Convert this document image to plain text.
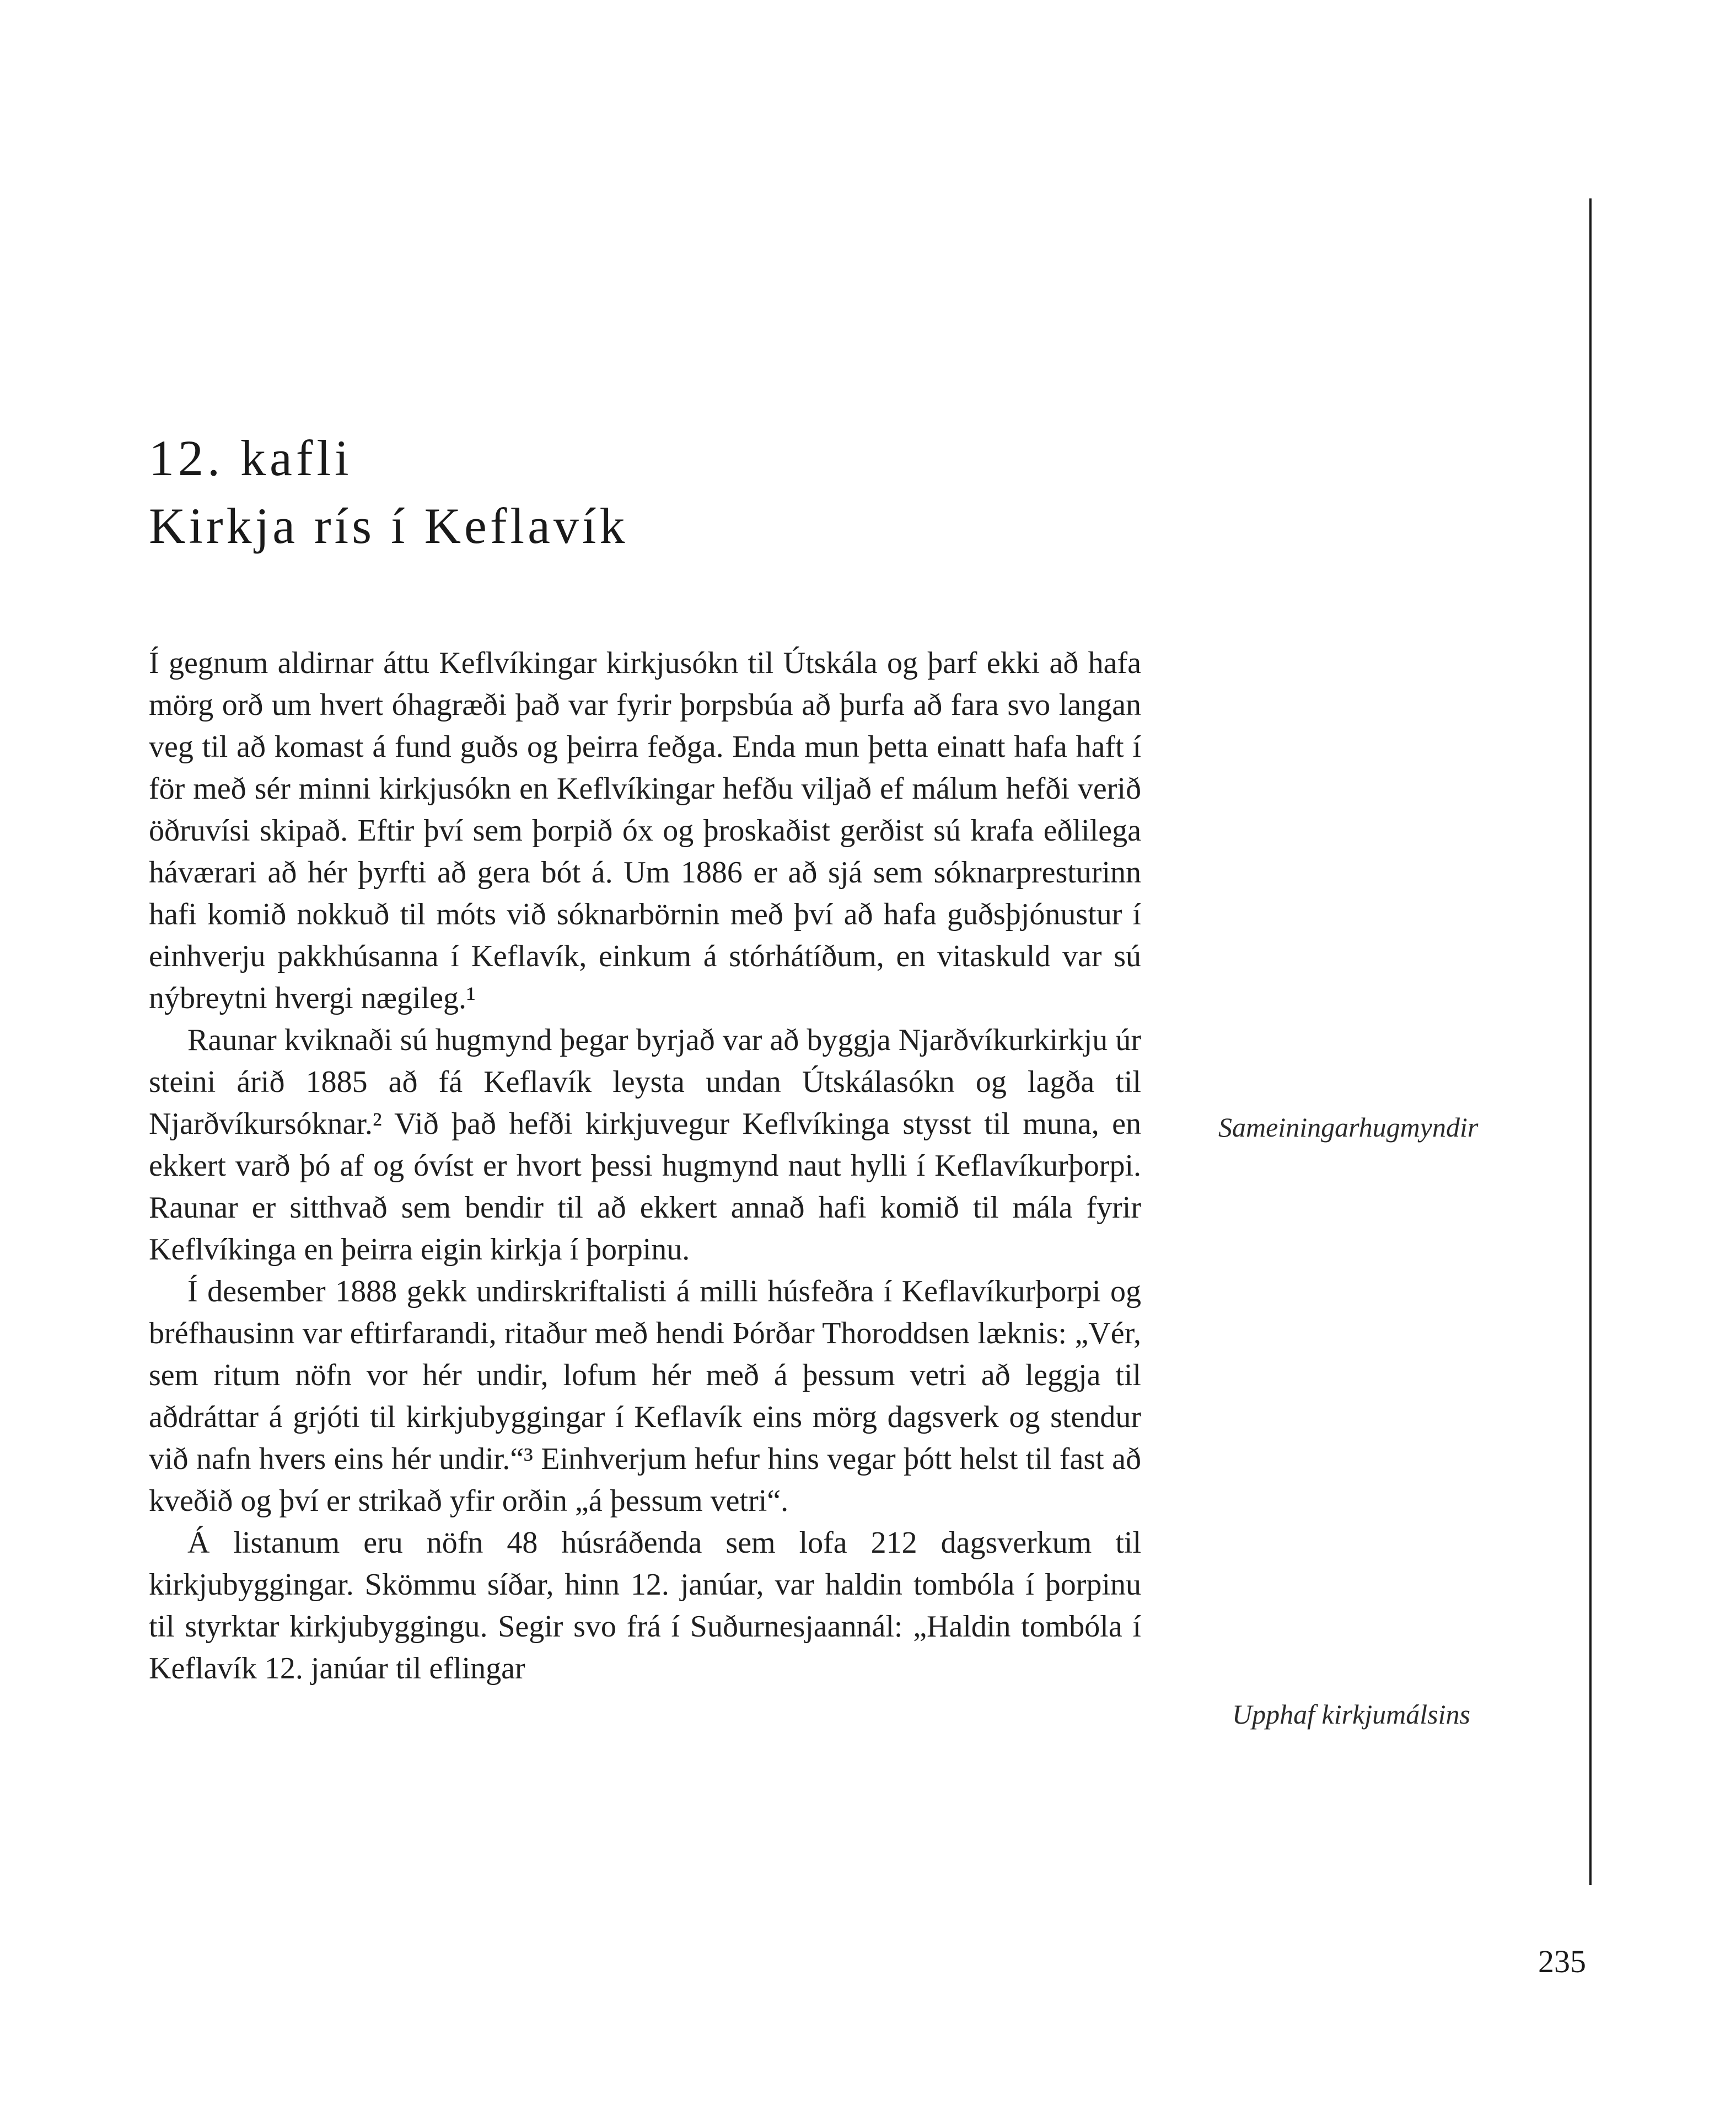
12. kafli
Kirkja rís í Keflavík

Í gegnum aldirnar áttu Keflvíkingar kirkjusókn til Útskála og þarf ekki að hafa mörg orð um hvert óhagræði það var fyrir þorpsbúa að þurfa að fara svo langan veg til að komast á fund guðs og þeirra feðga. Enda mun þetta einatt hafa haft í för með sér minni kirkjusókn en Keflvíkingar hefðu viljað ef málum hefði verið öðruvísi skipað. Eftir því sem þorpið óx og þroskaðist gerðist sú krafa eðlilega háværari að hér þyrfti að gera bót á. Um 1886 er að sjá sem sóknarpresturinn hafi komið nokkuð til móts við sóknarbörnin með því að hafa guðsþjónustur í einhverju pakkhúsanna í Keflavík, einkum á stórhátíðum, en vitaskuld var sú nýbreytni hvergi nægileg.¹

Raunar kviknaði sú hugmynd þegar byrjað var að byggja Njarðvíkurkirkju úr steini árið 1885 að fá Keflavík leysta undan Útskálasókn og lagða til Njarðvíkursóknar.² Við það hefði kirkjuvegur Keflvíkinga stysst til muna, en ekkert varð þó af og óvíst er hvort þessi hugmynd naut hylli í Keflavíkurþorpi. Raunar er sitthvað sem bendir til að ekkert annað hafi komið til mála fyrir Keflvíkinga en þeirra eigin kirkja í þorpinu.

Í desember 1888 gekk undirskriftalisti á milli húsfeðra í Keflavíkurþorpi og bréfhausinn var eftirfarandi, ritaður með hendi Þórðar Thoroddsen læknis: „Vér, sem ritum nöfn vor hér undir, lofum hér með á þessum vetri að leggja til aðdráttar á grjóti til kirkjubyggingar í Keflavík eins mörg dagsverk og stendur við nafn hvers eins hér undir.“³ Einhverjum hefur hins vegar þótt helst til fast að kveðið og því er strikað yfir orðin „á þessum vetri“.

Á listanum eru nöfn 48 húsráðenda sem lofa 212 dagsverkum til kirkjubyggingar. Skömmu síðar, hinn 12. janúar, var haldin tombóla í þorpinu til styrktar kirkjubyggingu. Segir svo frá í Suðurnesjaannál: „Haldin tombóla í Keflavík 12. janúar til eflingar

Sameiningarhugmyndir
Upphaf kirkjumálsins
235
